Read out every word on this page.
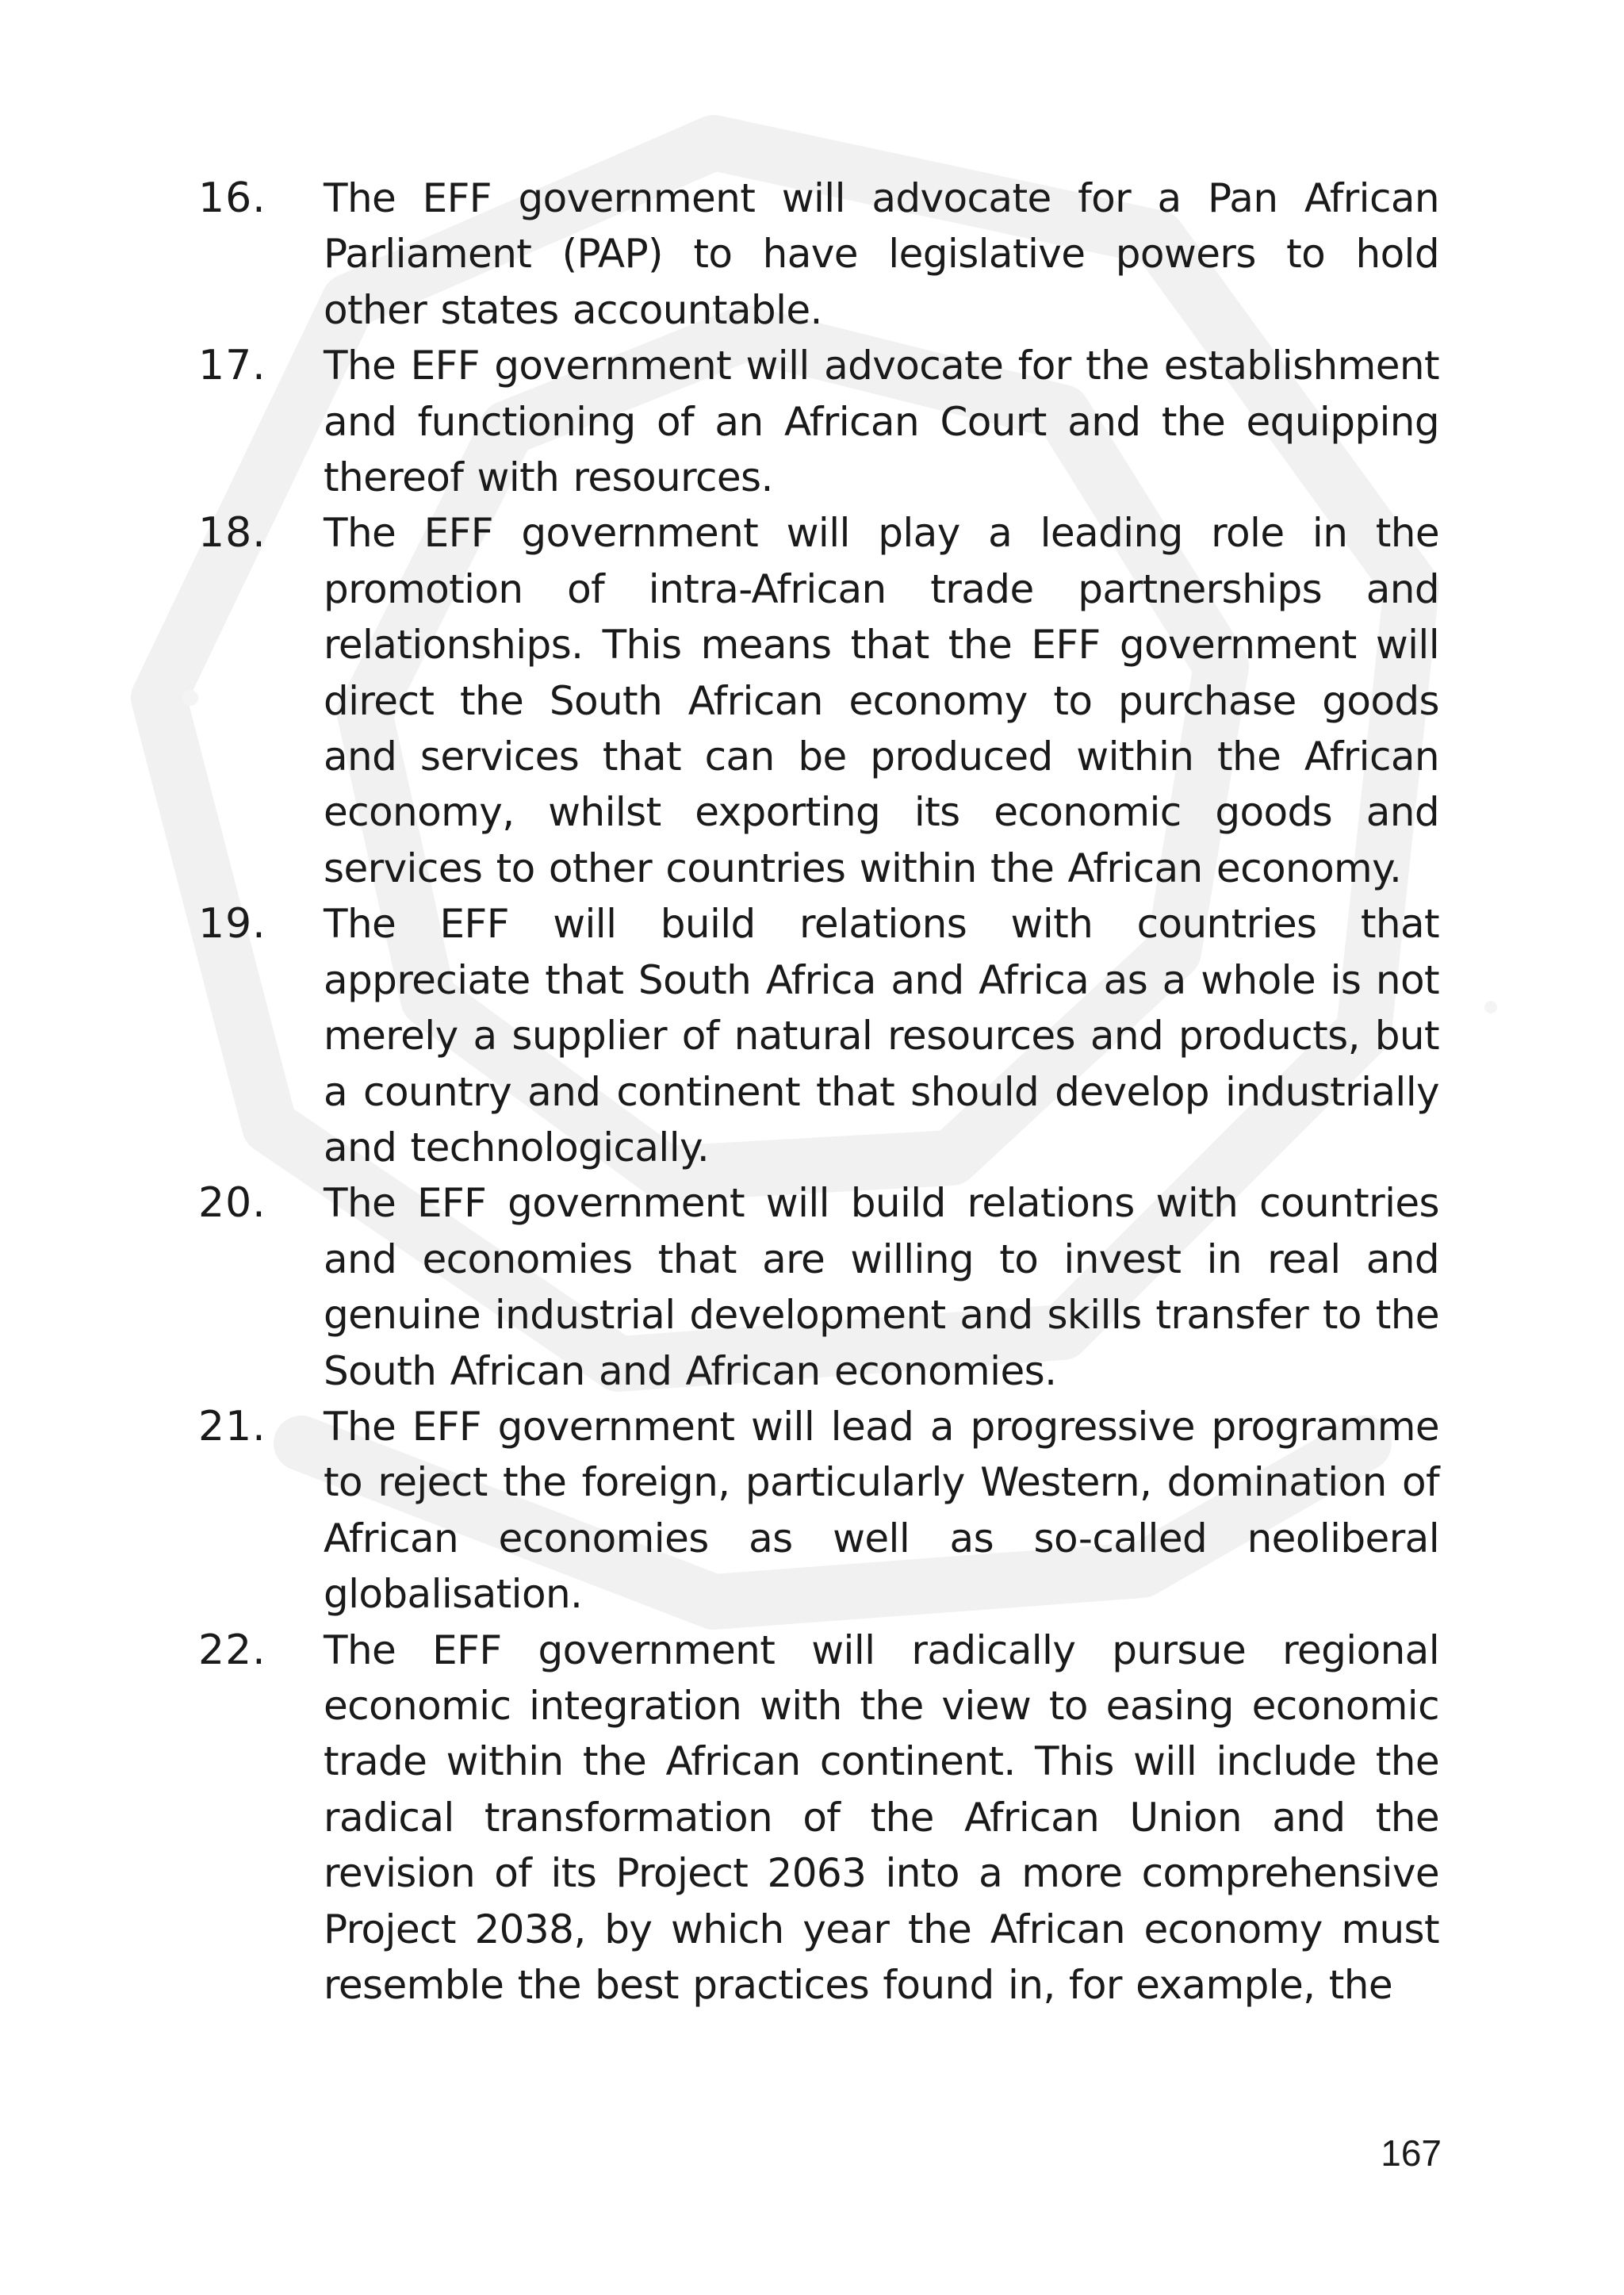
16.	The EFF government will advocate for a Pan African Parliament (PAP) to have legislative powers to hold other states accountable.
17.	The EFF government will advocate for the establishment and functioning of an African Court and the equipping thereof with resources.
18.	The EFF government will play a leading role in the promotion of intra-African trade partnerships and relationships. This means that the EFF government will direct the South African economy to purchase goods and services that can be produced within the African economy, whilst exporting its economic goods and services to other countries within the African economy.
19.	The EFF will build relations with countries that appreciate that South Africa and Africa as a whole is not merely a supplier of natural resources and products, but a country and continent that should develop industrially and technologically.
20.	The EFF government will build relations with countries and economies that are willing to invest in real and genuine industrial development and skills transfer to the South African and African economies.
21.	The EFF government will lead a progressive programme to reject the foreign, particularly Western, domination of African economies as well as so-called neoliberal globalisation.
22.	The EFF government will radically pursue regional economic integration with the view to easing economic trade within the African continent. This will include the radical transformation of the African Union and the revision of its Project 2063 into a more comprehensive Project 2038, by which year the African economy must resemble the best practices found in, for example, the
167
